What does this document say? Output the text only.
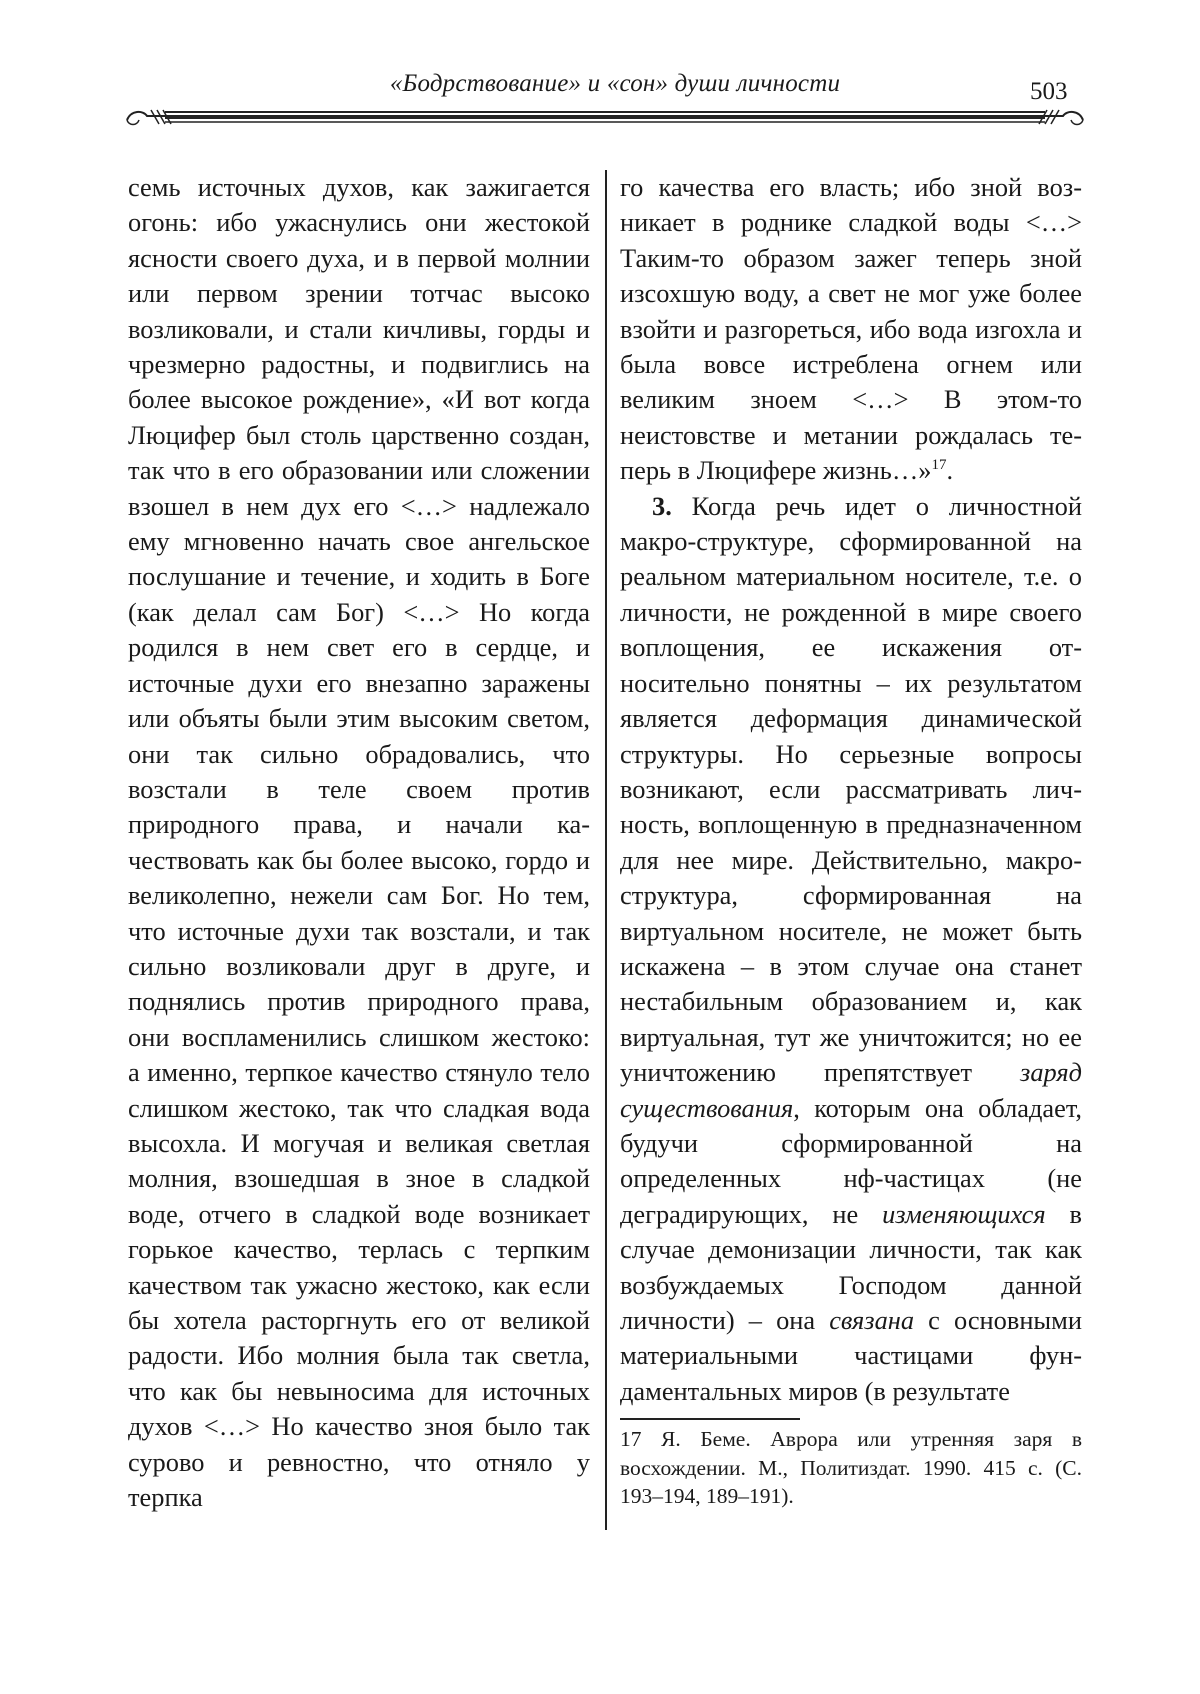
«Бодрствование» и «сон» души личности	503

семь источных духов, как зажигается огонь: ибо ужаснулись они жестокой ясности своего духа, и в первой молнии или первом зрении тотчас высоко возликовали, и стали кичливы, горды и чрезмерно радостны, и подвиглись на более высокое рождение», «И вот когда Люцифер был столь царственно создан, так что в его образовании или сложении взошел в нем дух его <…> надлежало ему мгновенно начать свое ангельское послушание и течение, и ходить в Боге (как делал сам Бог) <…> Но когда родился в нем свет его в сердце, и источные духи его внезапно заражены или объяты были этим высоким светом, они так сильно обрадовались, что возстали в теле своем против природного права, и начали качествовать как бы более высоко, гордо и великолепно, нежели сам Бог. Но тем, что источные духи так возстали, и так сильно возликовали друг в друге, и поднялись против природного права, они воспламенились слишком жестоко: а именно, терпкое качество стянуло тело слишком жестоко, так что сладкая вода высохла. И могучая и великая светлая молния, взошедшая в зное в сладкой воде, отчего в сладкой воде возникает горькое качество, терлась с терпким качеством так ужасно жестоко, как если бы хотела расторгнуть его от великой радости. Ибо молния была так светла, что как бы невыносима для источных духов <…> Но качество зноя было так сурово и ревностно, что отняло у терпка

го качества его власть; ибо зной возникает в роднике сладкой воды <…> Таким-то образом зажег теперь зной изсохшую воду, а свет не мог уже более взойти и разгореться, ибо вода изгохла и была вовсе истреблена огнем или великим зноем <…> В этом-то неистовстве и метании рождалась теперь в Люцифере жизнь…»$^{17}$.

3. Когда речь идет о личностной макро-структуре, сформированной на реальном материальном носителе, т.е. о личности, не рожденной в мире своего воплощения, ее искажения относительно понятны – их результатом является деформация динамической структуры. Но серьезные вопросы возникают, если рассматривать личность, воплощенную в предназначенном для нее мире. Действительно, макро-структура, сформированная на виртуальном носителе, не может быть искажена – в этом случае она станет нестабильным образованием и, как виртуальная, тут же уничтожится; но ее уничтожению препятствует заряд существования, которым она обладает, будучи сформированной на определенных нф-частицах (не деградирующих, не изменяющихся в случае демонизации личности, так как возбуждаемых Господом данной личности) – она связана с основными материальными частицами фундаментальных миров (в результате

17 Я. Беме. Аврора или утренняя заря в восхождении. М., Политиздат. 1990. 415 с. (С. 193–194, 189–191).
